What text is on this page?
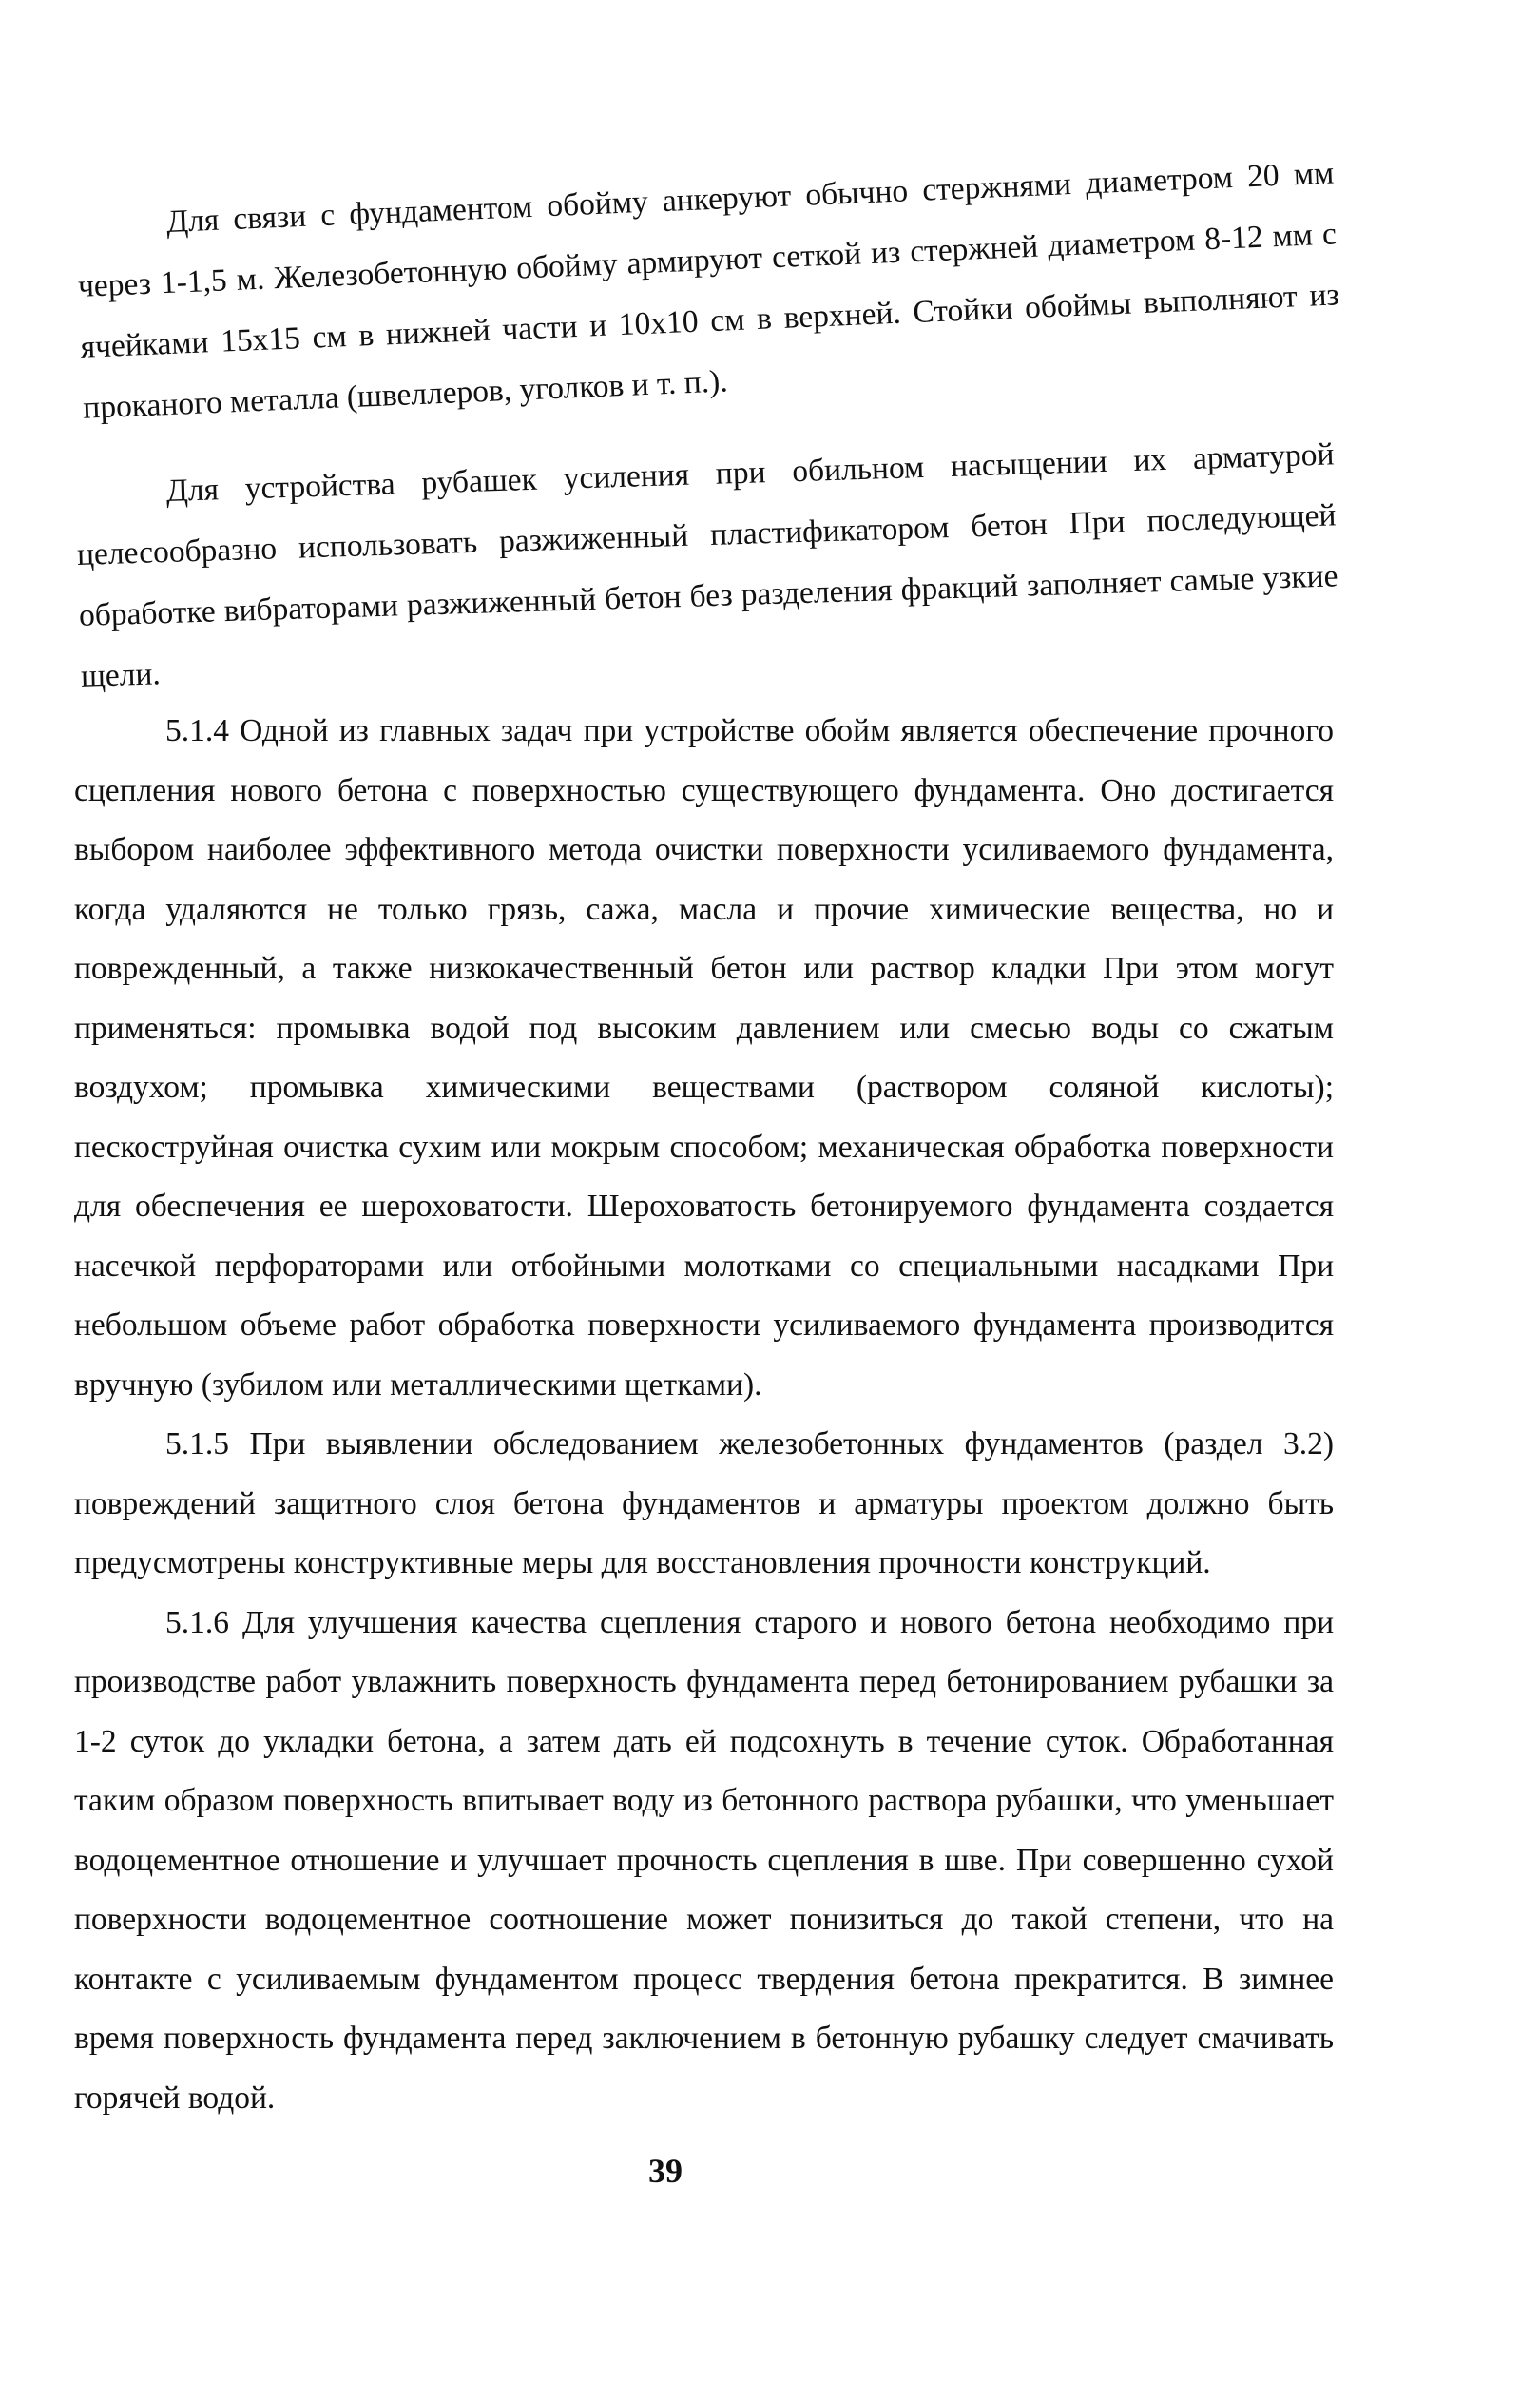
Для связи с фундаментом обойму анкеруют обычно стержнями диаметром 20 мм через 1-1,5 м. Железобетонную обойму армируют сеткой из стержней диаметром 8-12 мм с ячейками 15х15 см в нижней части и 10х10 см в верхней. Стойки обоймы выполняют из проканого металла (швеллеров, уголков и т. п.).

Для устройства рубашек усиления при обильном насыщении их арматурой целесообразно использовать разжиженный пластификатором бетон При последующей обработке вибраторами разжиженный бетон без разделения фракций заполняет самые узкие щели.

5.1.4 Одной из главных задач при устройстве обойм является обеспечение прочного сцепления нового бетона с поверхностью существующего фундамента. Оно достигается выбором наиболее эффективного метода очистки поверхности усиливаемого фундамента, когда удаляются не только грязь, сажа, масла и прочие химические вещества, но и поврежденный, а также низкокачественный бетон или раствор кладки При этом могут применяться: промывка водой под высоким давлением или смесью воды со сжатым воздухом; промывка химическими веществами (раствором соляной кислоты); пескоструйная очистка сухим или мокрым способом; механическая обработка поверхности для обеспечения ее шероховатости. Шероховатость бетонируемого фундамента создается насечкой перфораторами или отбойными молотками со специальными насадками При небольшом объеме работ обработка поверхности усиливаемого фундамента производится вручную (зубилом или металлическими щетками).

5.1.5 При выявлении обследованием железобетонных фундаментов (раздел 3.2) повреждений защитного слоя бетона фундаментов и арматуры проектом должно быть предусмотрены конструктивные меры для восстановления прочности конструкций.

5.1.6 Для улучшения качества сцепления старого и нового бетона необходимо при производстве работ увлажнить поверхность фундамента перед бетонированием рубашки за 1-2 суток до укладки бетона, а затем дать ей подсохнуть в течение суток. Обработанная таким образом поверхность впитывает воду из бетонного раствора рубашки, что уменьшает водоцементное отношение и улучшает прочность сцепления в шве. При совершенно сухой поверхности водоцементное соотношение может понизиться до такой степени, что на контакте с усиливаемым фундаментом процесс твердения бетона прекратится. В зимнее время поверхность фундамента перед заключением в бетонную рубашку следует смачивать горячей водой.

39
